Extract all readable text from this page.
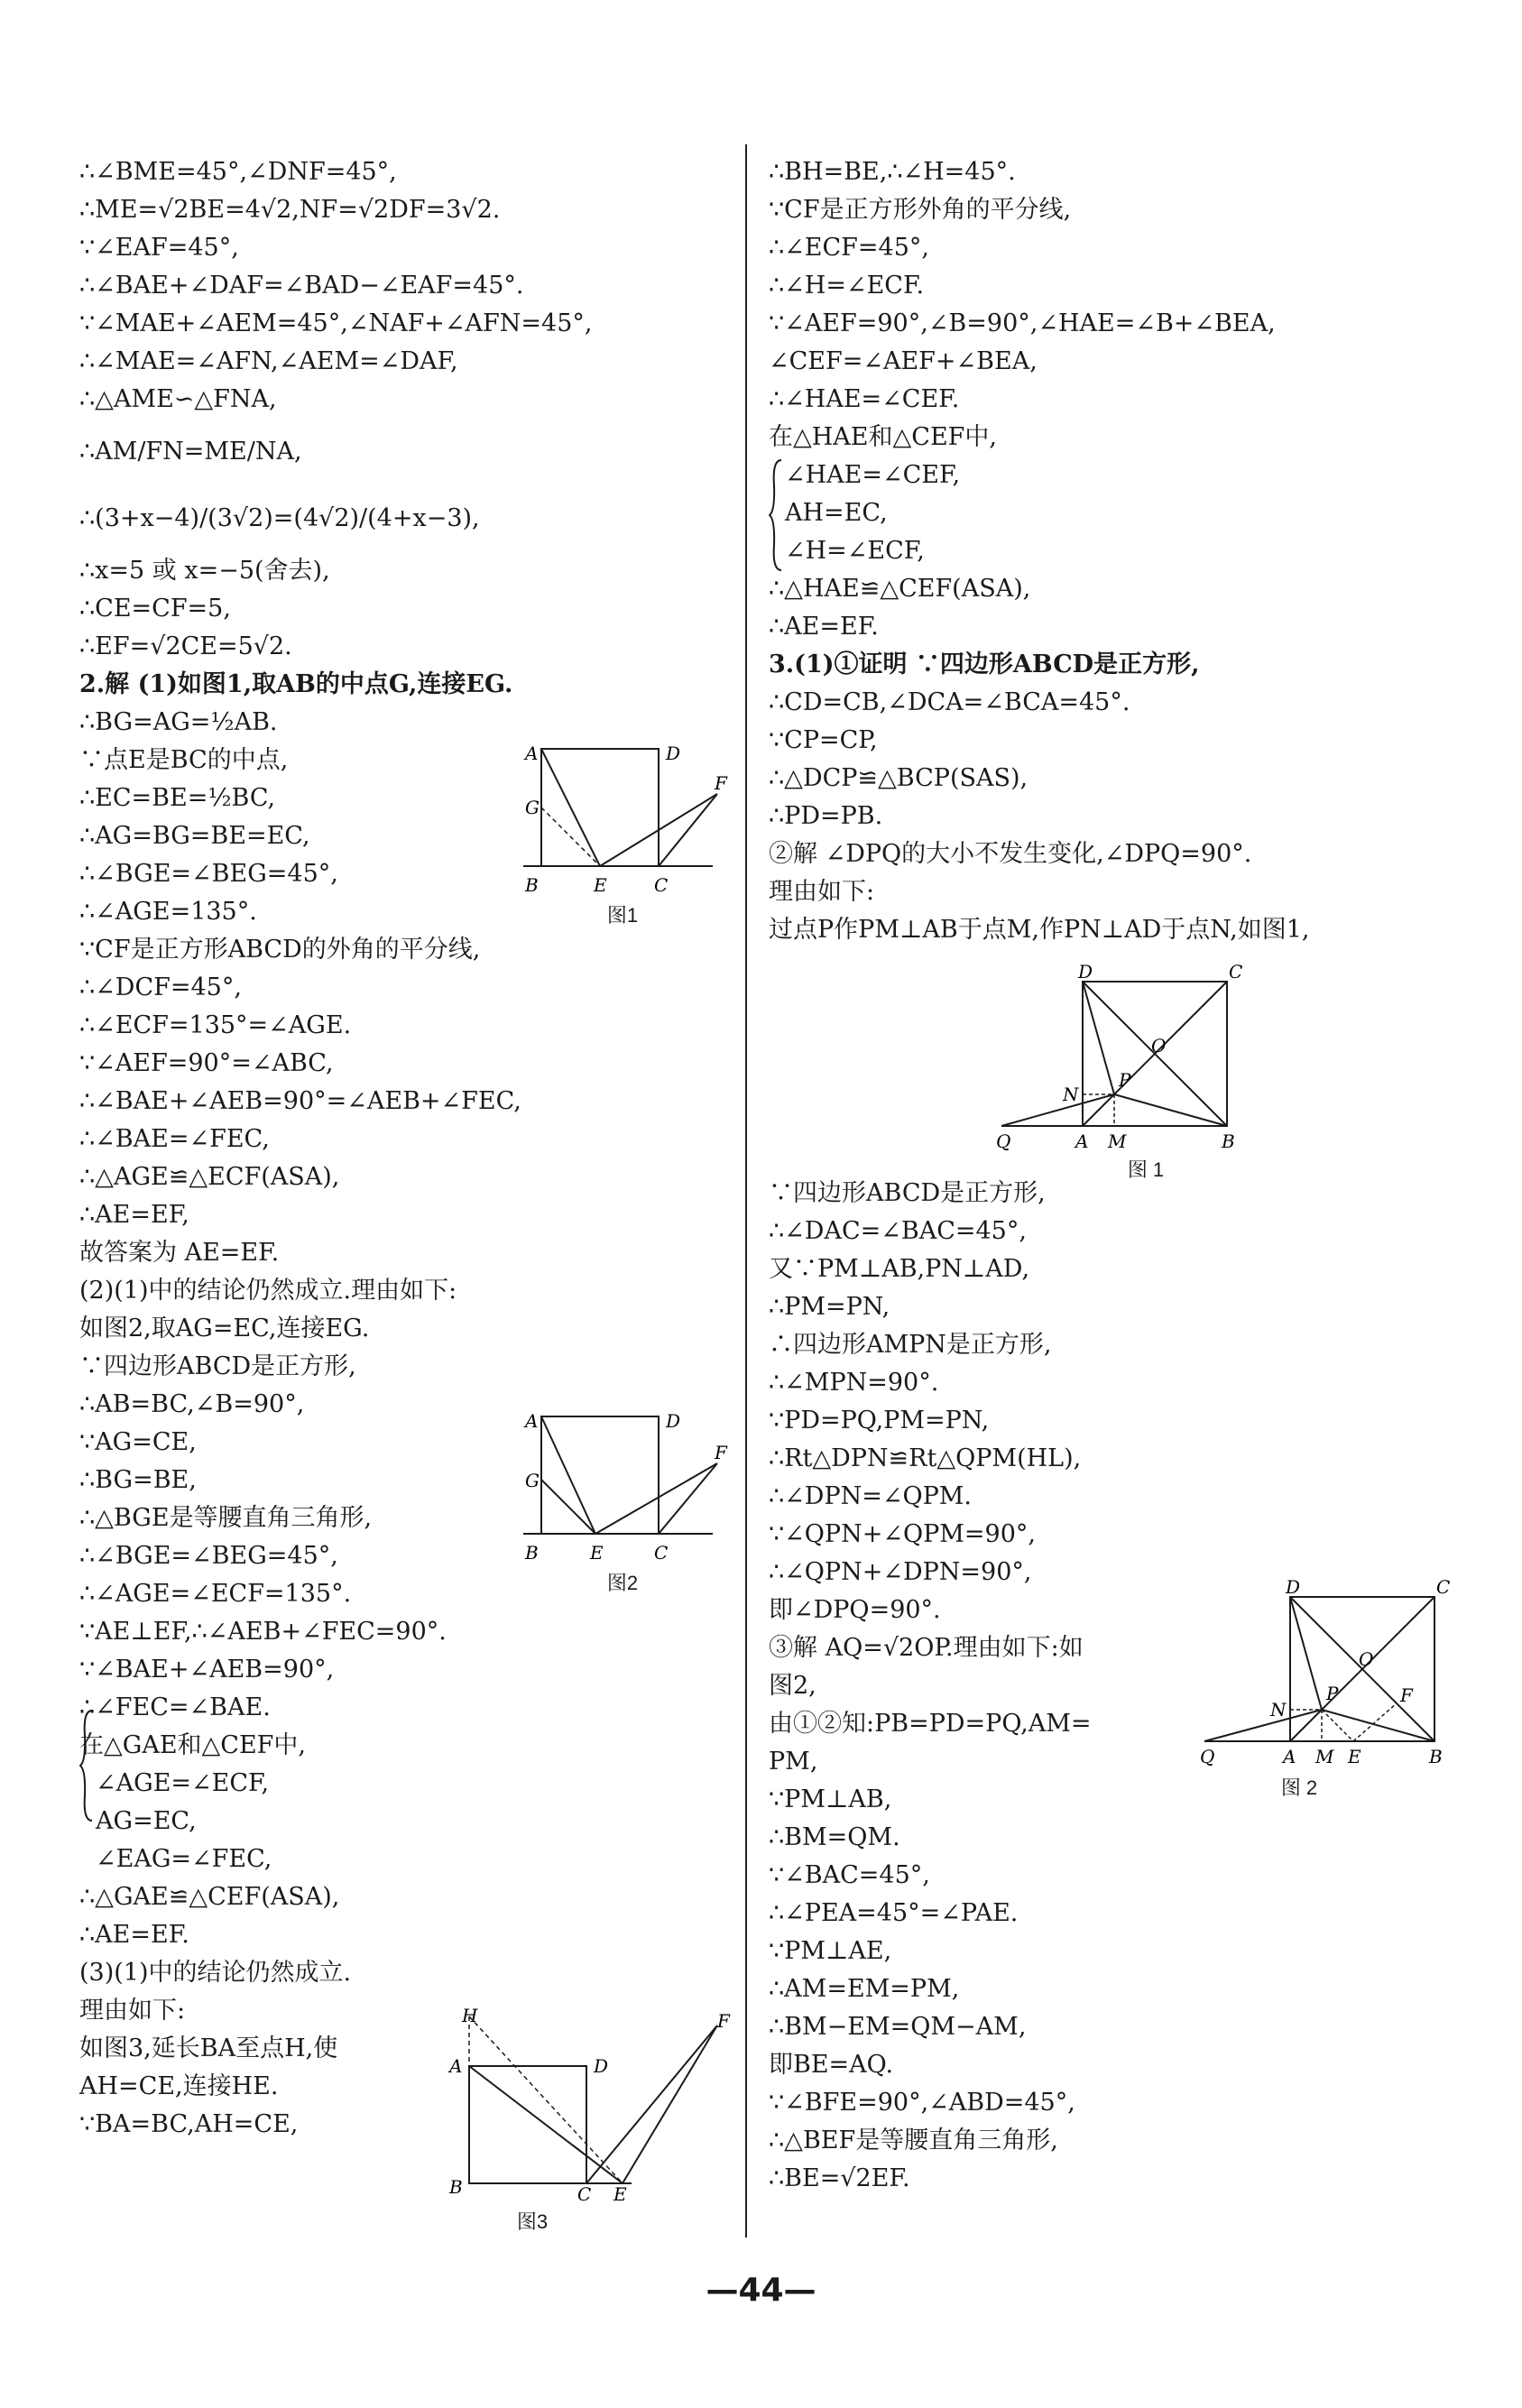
∴∠BME=45°,∠DNF=45°,
∴ME=√2BE=4√2,NF=√2DF=3√2.
∵∠EAF=45°,
∴∠BAE+∠DAF=∠BAD−∠EAF=45°.
∵∠MAE+∠AEM=45°,∠NAF+∠AFN=45°,
∴∠MAE=∠AFN,∠AEM=∠DAF,
∴△AME∽△FNA,
∴AM/FN=ME/NA,
∴(3+x−4)/(3√2)=(4√2)/(4+x−3),
∴x=5 或 x=−5(舍去),
∴CE=CF=5,
∴EF=√2CE=5√2.
2.解 (1)如图1,取AB的中点G,连接EG.
∴BG=AG=½AB.
∵点E是BC的中点,
∴EC=BE=½BC,
∴AG=BG=BE=EC,
∴∠BGE=∠BEG=45°,
∴∠AGE=135°.
∵CF是正方形ABCD的外角的平分线,
∴∠DCF=45°,
∴∠ECF=135°=∠AGE.
∵∠AEF=90°=∠ABC,
∴∠BAE+∠AEB=90°=∠AEB+∠FEC,
∴∠BAE=∠FEC,
∴△AGE≌△ECF(ASA),
∴AE=EF,
故答案为 AE=EF.
(2)(1)中的结论仍然成立.理由如下:
如图2,取AG=EC,连接EG.
∵四边形ABCD是正方形,
∴AB=BC,∠B=90°,
∵AG=CE,
∴BG=BE,
∴△BGE是等腰直角三角形,
∴∠BGE=∠BEG=45°,
∴∠AGE=∠ECF=135°.
∵AE⊥EF,∴∠AEB+∠FEC=90°.
∵∠BAE+∠AEB=90°,
∴∠FEC=∠BAE.
在△GAE和△CEF中,
∠AGE=∠ECF,
AG=EC,
∠EAG=∠FEC,
∴△GAE≌△CEF(ASA),
∴AE=EF.
(3)(1)中的结论仍然成立.
理由如下:
如图3,延长BA至点H,使
AH=CE,连接HE.
∵BA=BC,AH=CE,
∴BH=BE,∴∠H=45°.
∵CF是正方形外角的平分线,
∴∠ECF=45°,
∴∠H=∠ECF.
∵∠AEF=90°,∠B=90°,∠HAE=∠B+∠BEA,
∠CEF=∠AEF+∠BEA,
∴∠HAE=∠CEF.
在△HAE和△CEF中,
∠HAE=∠CEF,
AH=EC,
∠H=∠ECF,
∴△HAE≌△CEF(ASA),
∴AE=EF.
3.(1)①证明 ∵四边形ABCD是正方形,
∴CD=CB,∠DCA=∠BCA=45°.
∵CP=CP,
∴△DCP≌△BCP(SAS),
∴PD=PB.
②解 ∠DPQ的大小不发生变化,∠DPQ=90°.
理由如下:
过点P作PM⊥AB于点M,作PN⊥AD于点N,如图1,
∵四边形ABCD是正方形,
∴∠DAC=∠BAC=45°,
又∵PM⊥AB,PN⊥AD,
∴PM=PN,
∴四边形AMPN是正方形,
∴∠MPN=90°.
∵PD=PQ,PM=PN,
∴Rt△DPN≌Rt△QPM(HL),
∴∠DPN=∠QPM.
∵∠QPN+∠QPM=90°,
∴∠QPN+∠DPN=90°,
即∠DPQ=90°.
③解 AQ=√2OP.理由如下:如
图2,
由①②知:PB=PD=PQ,AM=
PM,
∵PM⊥AB,
∴BM=QM.
∵∠BAC=45°,
∴∠PEA=45°=∠PAE.
∵PM⊥AE,
∴AM=EM=PM,
∴BM−EM=QM−AM,
即BE=AQ.
∵∠BFE=90°,∠ABD=45°,
∴△BEF是等腰直角三角形,
∴BE=√2EF.
A	D
G
F
B	E	C
图1
A	D
G
F
B	E	C
图2
H
A	D
F
B	C E
图3
D	C
O
P
N
Q	A M	B
图 1
D	C
O
P
N
F
Q	A M E	B
图 2
—44—
